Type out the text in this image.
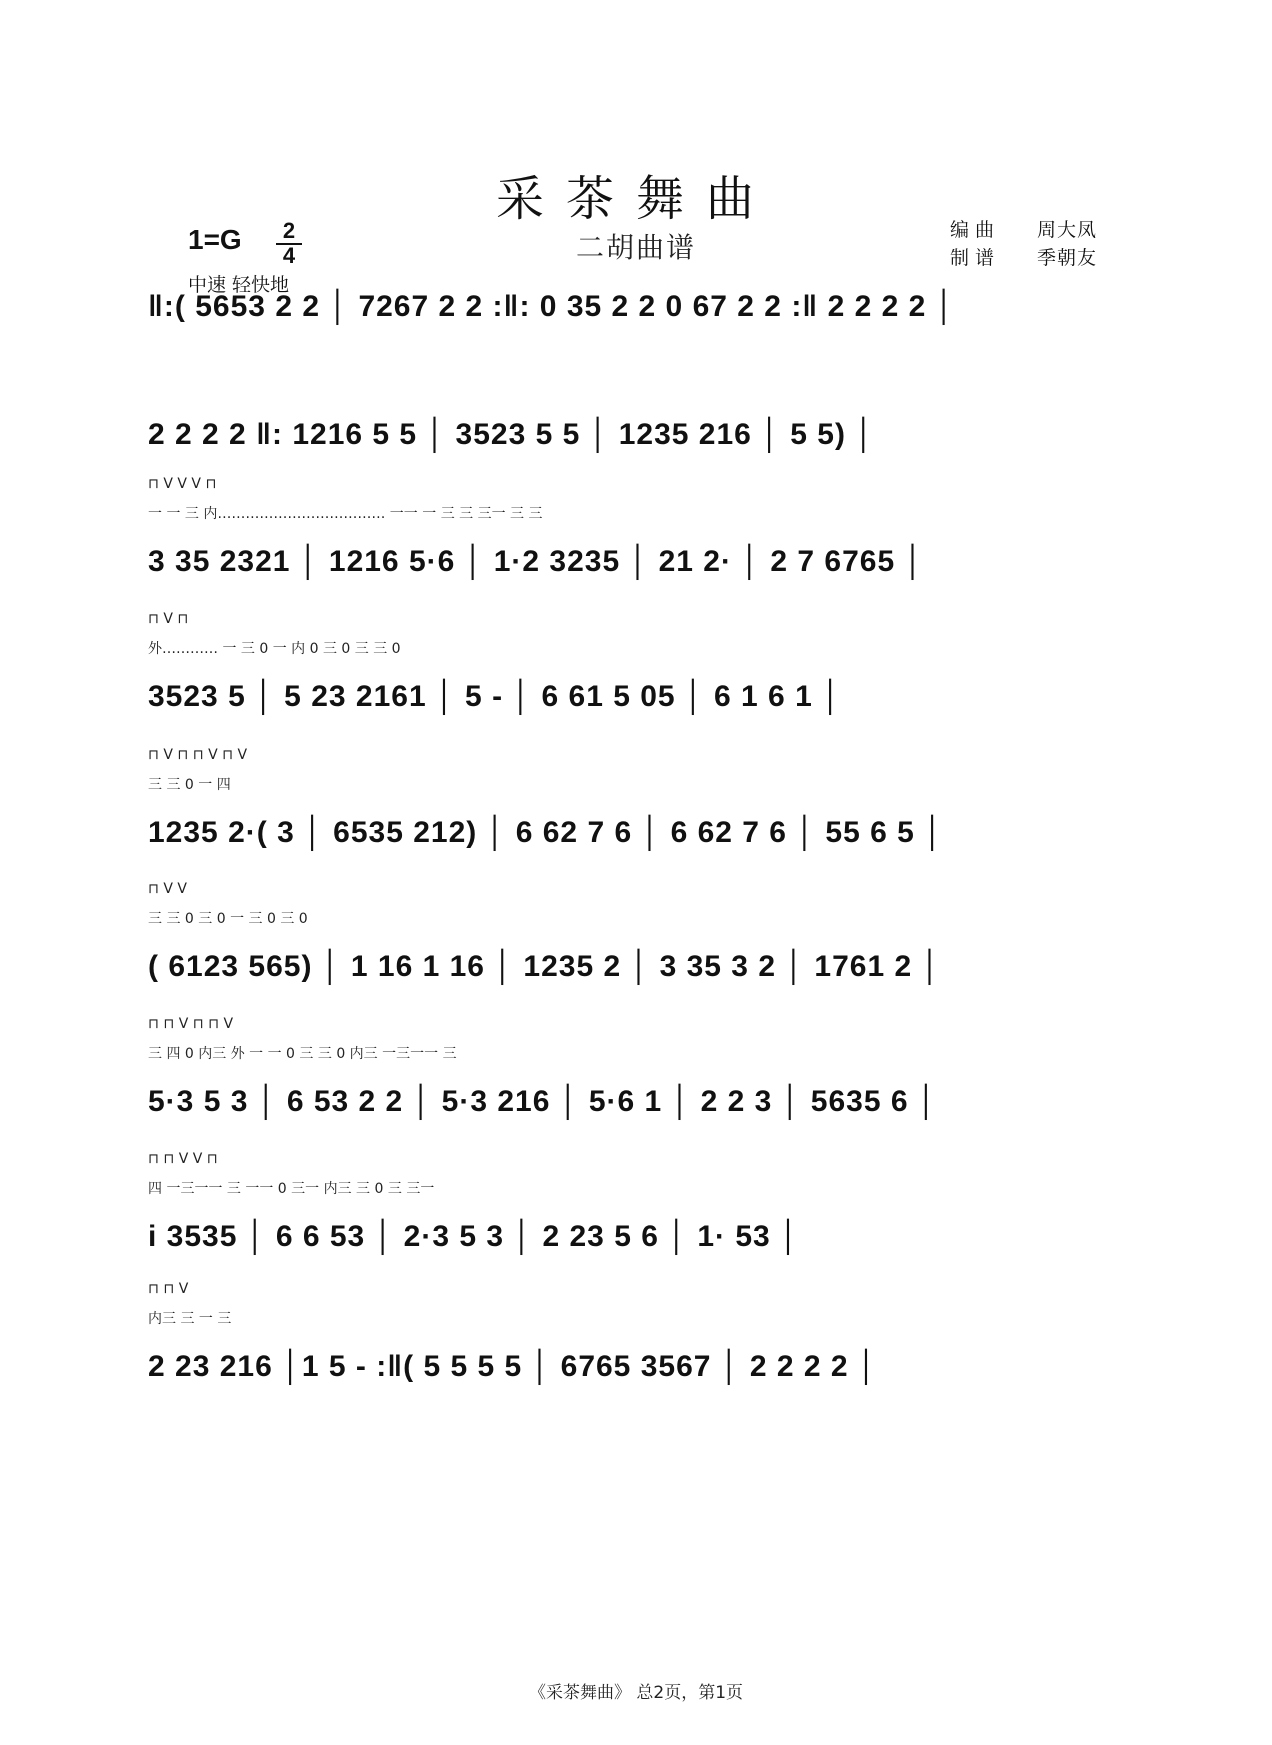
采茶舞曲
二胡曲谱
$1=G \frac{2}{4}$
中速 轻快地
编曲 周大凤
制谱 季朝友
‖:( 5653 2 2 │ 7267 2 2 :‖: 0 35 2 2 0 67 2 2 :‖ 2 2 2 2 │
2 2 2 2 ‖: 1216 5 5 │ 3523 5 5 │ 1235 216 │ 5 5) │
⊓ V V V ⊓
一 一 三 内……………………………… 一一 一 三 三 三一 三 三
3 35 2321 │ 1216 5·6 │ 1·2 3235 │ 21 2· │ 2 7 6765 │
⊓ V ⊓
外………… 一 三 0 一 内 0 三 0 三 三 0
3523 5 │ 5 23 2161 │ 5 - │ 6 61 5 05 │ 6 1 6 1 │
⊓ V ⊓ ⊓ V ⊓ V
三 三 0 一 四
1235 2·( 3 │ 6535 212) │ 6 62 7 6 │ 6 62 7 6 │ 55 6 5 │
⊓ V V
三 三 0 三 0 一 三 0 三 0
( 6123 565) │ 1 16 1 16 │ 1235 2 │ 3 35 3 2 │ 1761 2 │
⊓ ⊓ V ⊓ ⊓ V
三 四 0 内三 外 一 一 0 三 三 0 内三 一三一一 三
5·3 5 3 │ 6 53 2 2 │ 5·3 216 │ 5·6 1 │ 2 2 3 │ 5635 6 │
⊓ ⊓ V V ⊓
四 一三一一 三 一一 0 三一 内三 三 0 三 三一
i 3535 │ 6 6 53 │ 2·3 5 3 │ 2 23 5 6 │ 1· 53 │
⊓ ⊓ V
内三 三 一 三
2 23 216 │1 5 - :‖( 5 5 5 5 │ 6765 3567 │ 2 2 2 2 │
《采茶舞曲》 总2页，第1页
